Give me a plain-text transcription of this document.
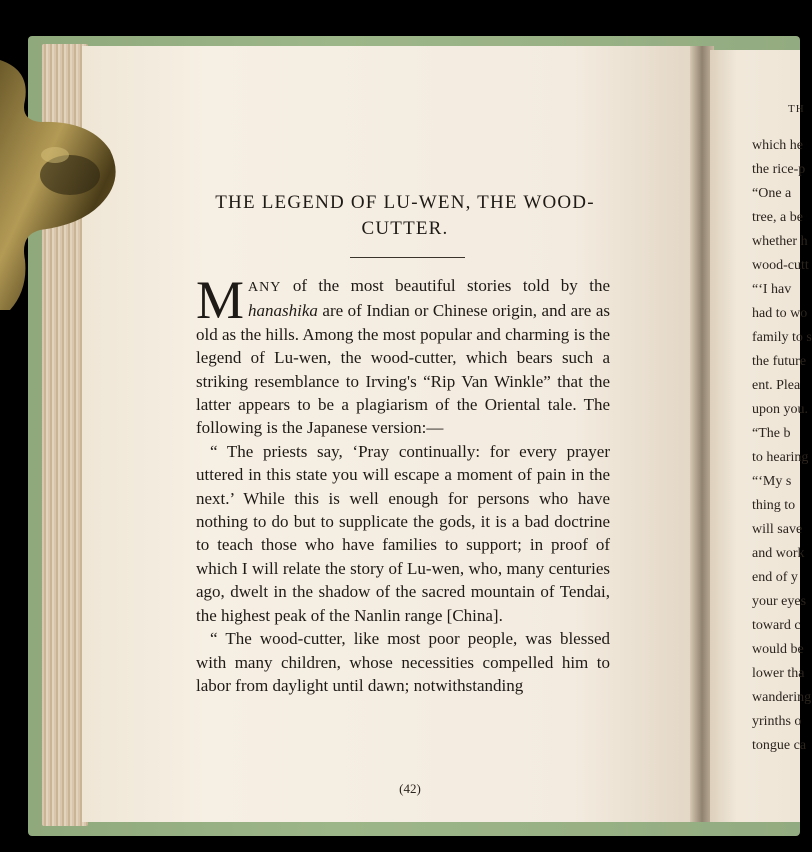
THE LEGEND OF LU-WEN, THE WOOD-
CUTTER.

MANY of the most beautiful stories told by the hanashika are of Indian or Chinese origin, and are as old as the hills. Among the most popular and charming is the legend of Lu-wen, the wood-cutter, which bears such a striking resemblance to Irving's “Rip Van Winkle” that the latter appears to be a plagiarism of the Oriental tale. The following is the Japanese version:—

“ The priests say, ‘Pray continually: for every prayer uttered in this state you will escape a moment of pain in the next.’ While this is well enough for persons who have nothing to do but to supplicate the gods, it is a bad doctrine to teach those who have families to support; in proof of which I will relate the story of Lu-wen, who, many centuries ago, dwelt in the shadow of the sacred mountain of Tendai, the highest peak of the Nanlin range [China].

“ The wood-cutter, like most poor people, was blessed with many children, whose necessities compelled him to labor from daylight until dawn; notwithstanding

(42)
TH
which he
the rice-p
“One a
tree, a be
whether h
wood-cutt
“‘I hav
had to wo
family to s
the future
ent. Plea
upon you.
“The b
to hearing
“‘My s
thing to
will save
and work
end of y
your eyes
toward c
would be
lower tha
wandering
yrinths o
tongue ca
